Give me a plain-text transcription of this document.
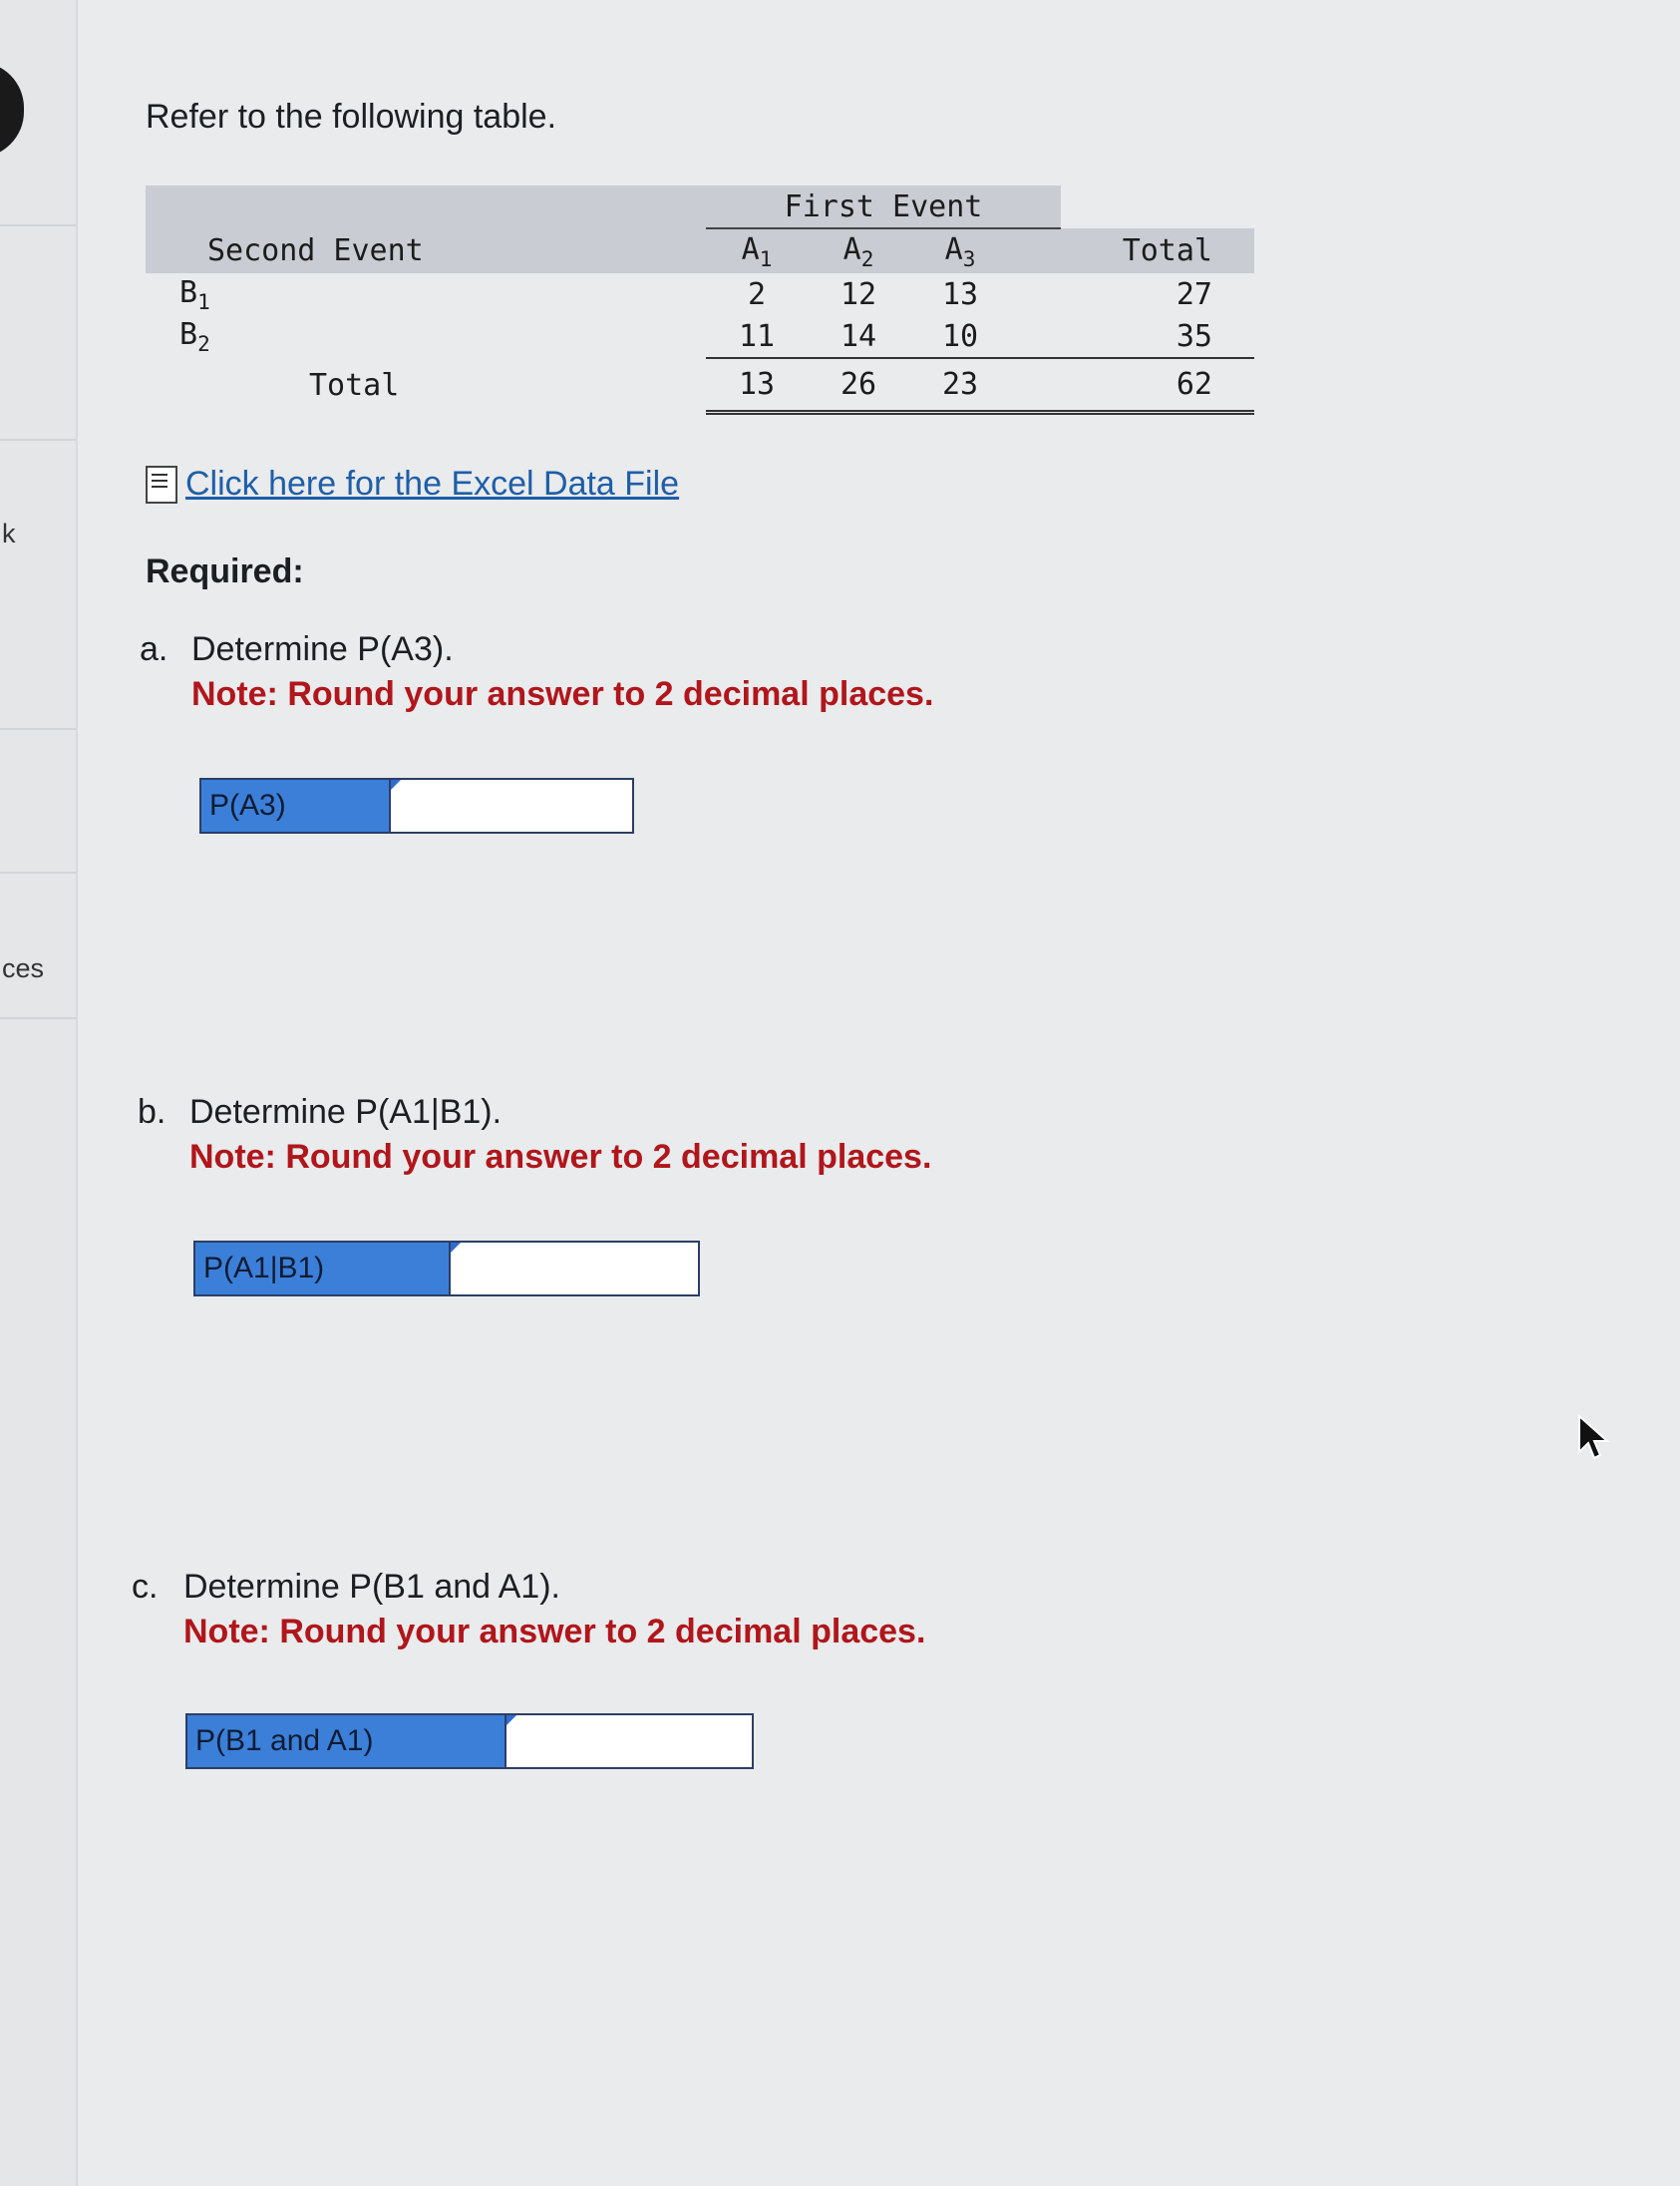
k
ces
Refer to the following table.
		First Event					
Second Event		$A_1$	$A_2$	$A_3$			Total
$B_1$		2	12	13			27
$B_2$		11	14	10			35
Total		13	26	23			62
Click here for the Excel Data File
Required:
a. Determine P(A3).
Note: Round your answer to 2 decimal places.
P(A3)
b. Determine P(A1|B1).
Note: Round your answer to 2 decimal places.
P(A1|B1)
c. Determine P(B1 and A1).
Note: Round your answer to 2 decimal places.
P(B1 and A1)
